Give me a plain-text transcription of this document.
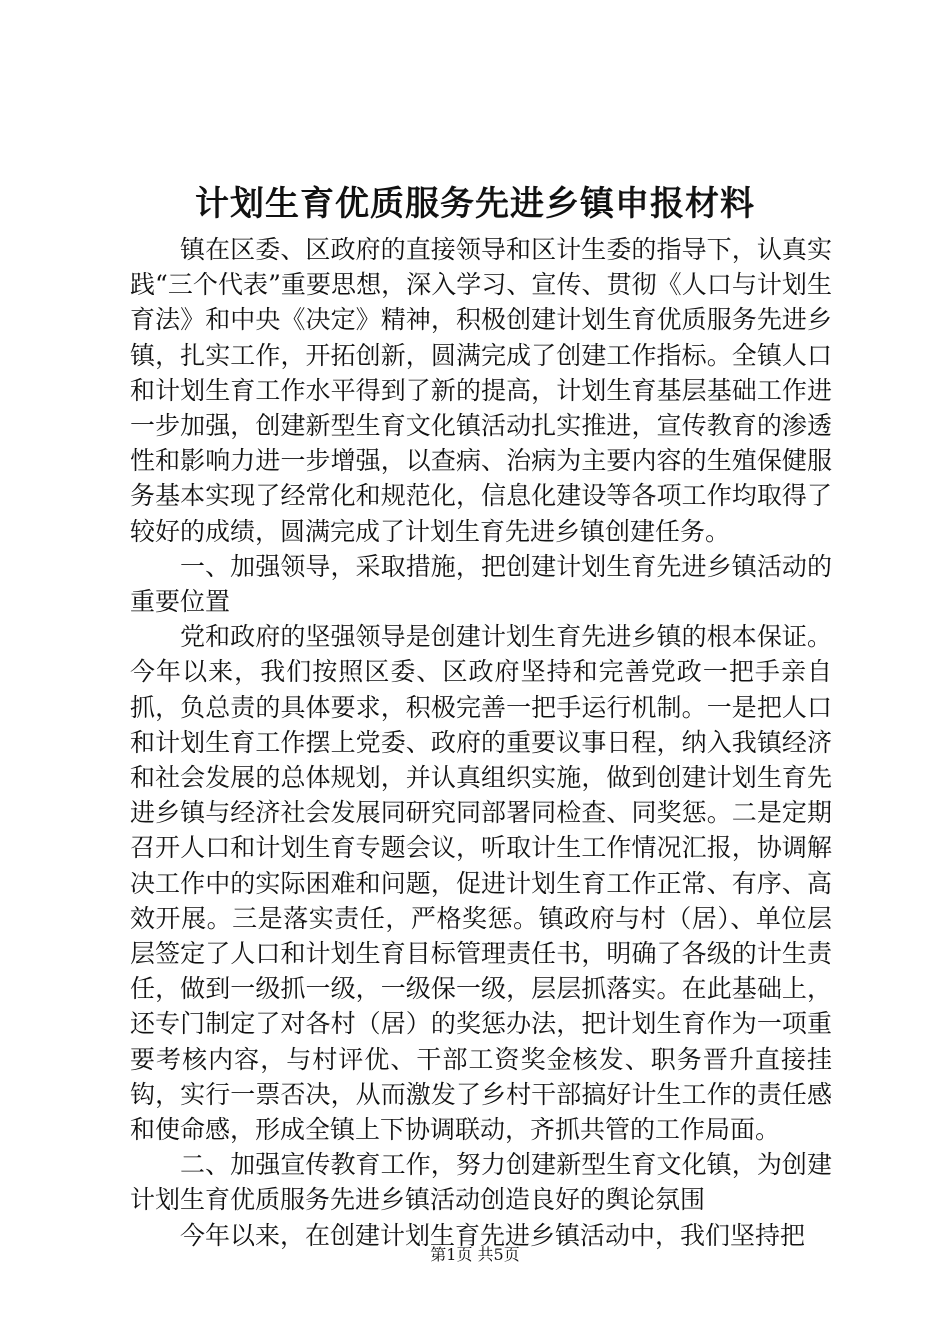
计划生育优质服务先进乡镇申报材料

镇在区委、区政府的直接领导和区计生委的指导下，认真实践“三个代表”重要思想，深入学习、宣传、贯彻《人口与计划生育法》和中央《决定》精神，积极创建计划生育优质服务先进乡镇，扎实工作，开拓创新，圆满完成了创建工作指标。全镇人口和计划生育工作水平得到了新的提高，计划生育基层基础工作进一步加强，创建新型生育文化镇活动扎实推进，宣传教育的渗透性和影响力进一步增强，以查病、治病为主要内容的生殖保健服务基本实现了经常化和规范化，信息化建设等各项工作均取得了较好的成绩，圆满完成了计划生育先进乡镇创建任务。

一、加强领导，采取措施，把创建计划生育先进乡镇活动的重要位置

党和政府的坚强领导是创建计划生育先进乡镇的根本保证。今年以来，我们按照区委、区政府坚持和完善党政一把手亲自抓，负总责的具体要求，积极完善一把手运行机制。一是把人口和计划生育工作摆上党委、政府的重要议事日程，纳入我镇经济和社会发展的总体规划，并认真组织实施，做到创建计划生育先进乡镇与经济社会发展同研究同部署同检查、同奖惩。二是定期召开人口和计划生育专题会议，听取计生工作情况汇报，协调解决工作中的实际困难和问题，促进计划生育工作正常、有序、高效开展。三是落实责任，严格奖惩。镇政府与村（居）、单位层层签定了人口和计划生育目标管理责任书，明确了各级的计生责任，做到一级抓一级，一级保一级，层层抓落实。在此基础上，还专门制定了对各村（居）的奖惩办法，把计划生育作为一项重要考核内容，与村评优、干部工资奖金核发、职务晋升直接挂钩，实行一票否决，从而激发了乡村干部搞好计生工作的责任感和使命感，形成全镇上下协调联动，齐抓共管的工作局面。

二、加强宣传教育工作，努力创建新型生育文化镇，为创建计划生育优质服务先进乡镇活动创造良好的舆论氛围

今年以来，在创建计划生育先进乡镇活动中，我们坚持把

第1页 共5页
